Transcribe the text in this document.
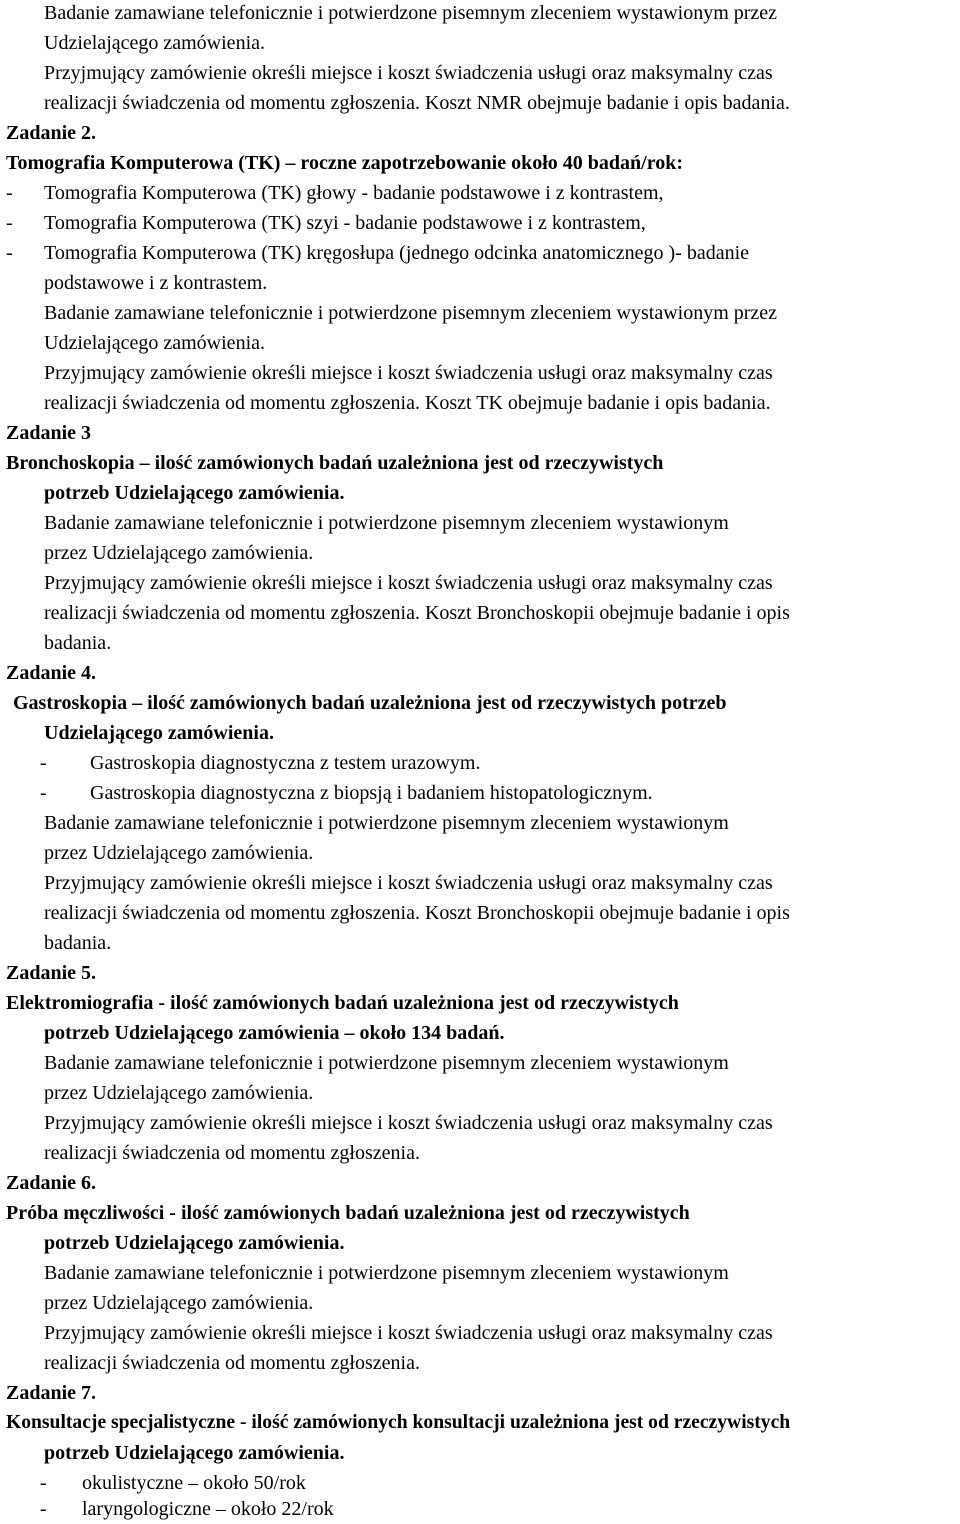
Badanie zamawiane telefonicznie i potwierdzone pisemnym zleceniem wystawionym przez

Udzielającego zamówienia.

Przyjmujący zamówienie określi miejsce i koszt świadczenia usługi oraz maksymalny czas

realizacji świadczenia od momentu zgłoszenia. Koszt NMR obejmuje badanie i opis badania.

Zadanie 2.

Tomografia Komputerowa (TK) – roczne zapotrzebowanie około 40 badań/rok:

- Tomografia Komputerowa (TK) głowy - badanie podstawowe i z kontrastem,
- Tomografia Komputerowa (TK) szyi - badanie podstawowe i z kontrastem,
- Tomografia Komputerowa (TK) kręgosłupa (jednego odcinka anatomicznego )- badanie

podstawowe i z kontrastem.

Badanie zamawiane telefonicznie i potwierdzone pisemnym zleceniem wystawionym przez

Udzielającego zamówienia.

Przyjmujący zamówienie określi miejsce i koszt świadczenia usługi oraz maksymalny czas

realizacji świadczenia od momentu zgłoszenia. Koszt TK obejmuje badanie i opis badania.

Zadanie 3

Bronchoskopia – ilość zamówionych badań uzależniona jest od rzeczywistych

potrzeb Udzielającego zamówienia.

Badanie zamawiane telefonicznie i potwierdzone pisemnym zleceniem wystawionym

przez Udzielającego zamówienia.

Przyjmujący zamówienie określi miejsce i koszt świadczenia usługi oraz maksymalny czas

realizacji świadczenia od momentu zgłoszenia. Koszt Bronchoskopii obejmuje badanie i opis

badania.

Zadanie 4.

Gastroskopia – ilość zamówionych badań uzależniona jest od rzeczywistych potrzeb

Udzielającego zamówienia.

- Gastroskopia diagnostyczna z testem urazowym.
- Gastroskopia diagnostyczna z biopsją i badaniem histopatologicznym.

Badanie zamawiane telefonicznie i potwierdzone pisemnym zleceniem wystawionym

przez Udzielającego zamówienia.

Przyjmujący zamówienie określi miejsce i koszt świadczenia usługi oraz maksymalny czas

realizacji świadczenia od momentu zgłoszenia. Koszt Bronchoskopii obejmuje badanie i opis

badania.

Zadanie 5.

Elektromiografia - ilość zamówionych badań uzależniona jest od rzeczywistych

potrzeb Udzielającego zamówienia – około 134 badań.

Badanie zamawiane telefonicznie i potwierdzone pisemnym zleceniem wystawionym

przez Udzielającego zamówienia.

Przyjmujący zamówienie określi miejsce i koszt świadczenia usługi oraz maksymalny czas

realizacji świadczenia od momentu zgłoszenia.

Zadanie 6.

Próba męczliwości - ilość zamówionych badań uzależniona jest od rzeczywistych

potrzeb Udzielającego zamówienia.

Badanie zamawiane telefonicznie i potwierdzone pisemnym zleceniem wystawionym

przez Udzielającego zamówienia.

Przyjmujący zamówienie określi miejsce i koszt świadczenia usługi oraz maksymalny czas

realizacji świadczenia od momentu zgłoszenia.

Zadanie 7.

Konsultacje specjalistyczne - ilość zamówionych konsultacji uzależniona jest od rzeczywistych

potrzeb Udzielającego zamówienia.

- okulistyczne – około 50/rok
- laryngologiczne – około 22/rok
